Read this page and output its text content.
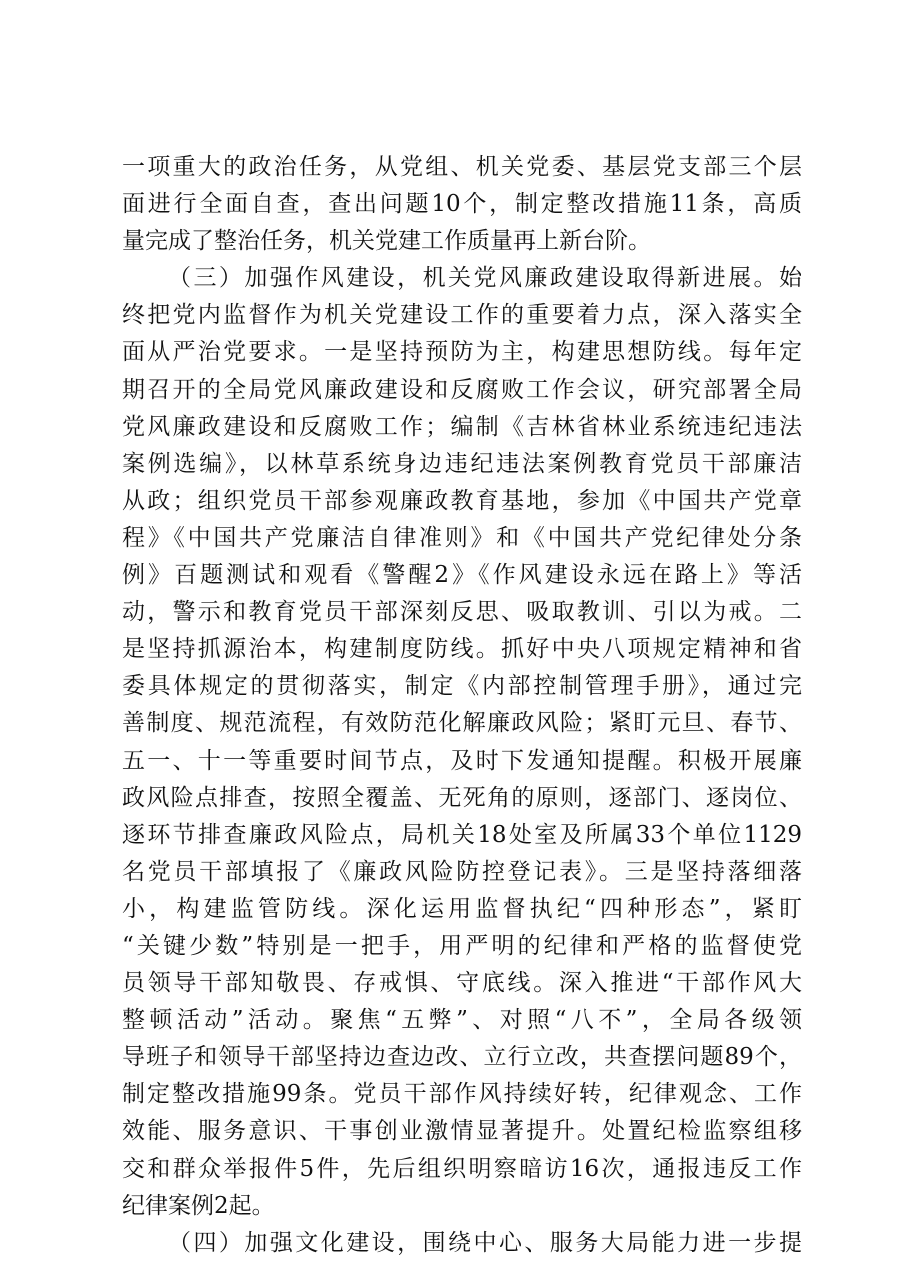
一项重大的政治任务，从党组、机关党委、基层党支部三个层
面进行全面自查，查出问题10个，制定整改措施11条，高质
量完成了整治任务，机关党建工作质量再上新台阶。
（三）加强作风建设，机关党风廉政建设取得新进展。始
终把党内监督作为机关党建设工作的重要着力点，深入落实全
面从严治党要求。一是坚持预防为主，构建思想防线。每年定
期召开的全局党风廉政建设和反腐败工作会议，研究部署全局
党风廉政建设和反腐败工作；编制《吉林省林业系统违纪违法
案例选编》，以林草系统身边违纪违法案例教育党员干部廉洁
从政；组织党员干部参观廉政教育基地，参加《中国共产党章
程》《中国共产党廉洁自律准则》和《中国共产党纪律处分条
例》百题测试和观看《警醒2》《作风建设永远在路上》等活
动，警示和教育党员干部深刻反思、吸取教训、引以为戒。二
是坚持抓源治本，构建制度防线。抓好中央八项规定精神和省
委具体规定的贯彻落实，制定《内部控制管理手册》，通过完
善制度、规范流程，有效防范化解廉政风险；紧盯元旦、春节、
五一、十一等重要时间节点，及时下发通知提醒。积极开展廉
政风险点排查，按照全覆盖、无死角的原则，逐部门、逐岗位、
逐环节排查廉政风险点，局机关18处室及所属33个单位1129
名党员干部填报了《廉政风险防控登记表》。三是坚持落细落
小，构建监管防线。深化运用监督执纪“四种形态”，紧盯
“关键少数”特别是一把手，用严明的纪律和严格的监督使党
员领导干部知敬畏、存戒惧、守底线。深入推进“干部作风大
整顿活动”活动。聚焦“五弊”、对照“八不”，全局各级领
导班子和领导干部坚持边查边改、立行立改，共查摆问题89个，
制定整改措施99条。党员干部作风持续好转，纪律观念、工作
效能、服务意识、干事创业激情显著提升。处置纪检监察组移
交和群众举报件5件，先后组织明察暗访16次，通报违反工作
纪律案例2起。
（四）加强文化建设，围绕中心、服务大局能力进一步提
